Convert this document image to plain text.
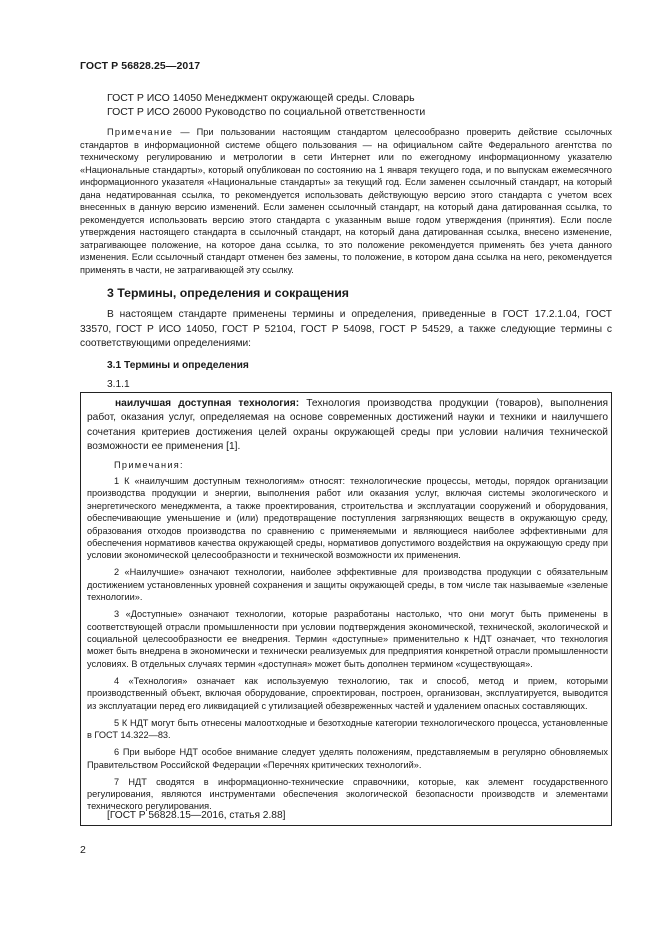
ГОСТ Р 56828.25—2017
ГОСТ Р ИСО 14050 Менеджмент окружающей среды. Словарь
ГОСТ Р ИСО 26000 Руководство по социальной ответственности
Примечание — При пользовании настоящим стандартом целесообразно проверить действие ссылочных стандартов в информационной системе общего пользования — на официальном сайте Федерального агентства по техническому регулированию и метрологии в сети Интернет или по ежегодному информационному указателю «Национальные стандарты», который опубликован по состоянию на 1 января текущего года, и по выпускам ежемесячного информационного указателя «Национальные стандарты» за текущий год. Если заменен ссылочный стандарт, на который дана недатированная ссылка, то рекомендуется использовать действующую версию этого стандарта с учетом всех внесенных в данную версию изменений. Если заменен ссылочный стандарт, на который дана датированная ссылка, то рекомендуется использовать версию этого стандарта с указанным выше годом утверждения (принятия). Если после утверждения настоящего стандарта в ссылочный стандарт, на который дана датированная ссылка, внесено изменение, затрагивающее положение, на которое дана ссылка, то это положение рекомендуется применять без учета данного изменения. Если ссылочный стандарт отменен без замены, то положение, в котором дана ссылка на него, рекомендуется применять в части, не затрагивающей эту ссылку.
3 Термины, определения и сокращения
В настоящем стандарте применены термины и определения, приведенные в ГОСТ 17.2.1.04, ГОСТ 33570, ГОСТ Р ИСО 14050, ГОСТ Р 52104, ГОСТ Р 54098, ГОСТ Р 54529, а также следующие термины с соответствующими определениями:
3.1 Термины и определения
3.1.1
наилучшая доступная технология: Технология производства продукции (товаров), выполнения работ, оказания услуг, определяемая на основе современных достижений науки и техники и наилучшего сочетания критериев достижения целей охраны окружающей среды при условии наличия технической возможности ее применения [1].
Примечания:

1 К «наилучшим доступным технологиям» относят: технологические процессы, методы, порядок организации производства продукции и энергии, выполнения работ или оказания услуг, включая системы экологического и энергетического менеджмента, а также проектирования, строительства и эксплуатации сооружений и оборудования, обеспечивающие уменьшение и (или) предотвращение поступления загрязняющих веществ в окружающую среду, образования отходов производства по сравнению с применяемыми и являющиеся наиболее эффективными для обеспечения нормативов качества окружающей среды, нормативов допустимого воздействия на окружающую среду при условии экономической целесообразности и технической возможности их применения.

2 «Наилучшие» означают технологии, наиболее эффективные для производства продукции с обязательным достижением установленных уровней сохранения и защиты окружающей среды, в том числе так называемые «зеленые технологии».

3 «Доступные» означают технологии, которые разработаны настолько, что они могут быть применены в соответствующей отрасли промышленности при условии подтверждения экономической, технической, экологической и социальной целесообразности ее внедрения. Термин «доступные» применительно к НДТ означает, что технология может быть внедрена в экономически и технически реализуемых для предприятия конкретной отрасли промышленности условиях. В отдельных случаях термин «доступная» может быть дополнен термином «существующая».

4 «Технология» означает как используемую технологию, так и способ, метод и прием, которыми производственный объект, включая оборудование, спроектирован, построен, организован, эксплуатируется, выводится из эксплуатации перед его ликвидацией с утилизацией обезвреженных частей и удалением опасных составляющих.

5 К НДТ могут быть отнесены малоотходные и безотходные категории технологического процесса, установленные в ГОСТ 14.322—83.

6 При выборе НДТ особое внимание следует уделять положениям, представляемым в регулярно обновляемых Правительством Российской Федерации «Перечнях критических технологий».

7 НДТ сводятся в информационно-технические справочники, которые, как элемент государственного регулирования, являются инструментами обеспечения экологической безопасности производств и элементами технического регулирования.

[ГОСТ Р 56828.15—2016, статья 2.88]
2
